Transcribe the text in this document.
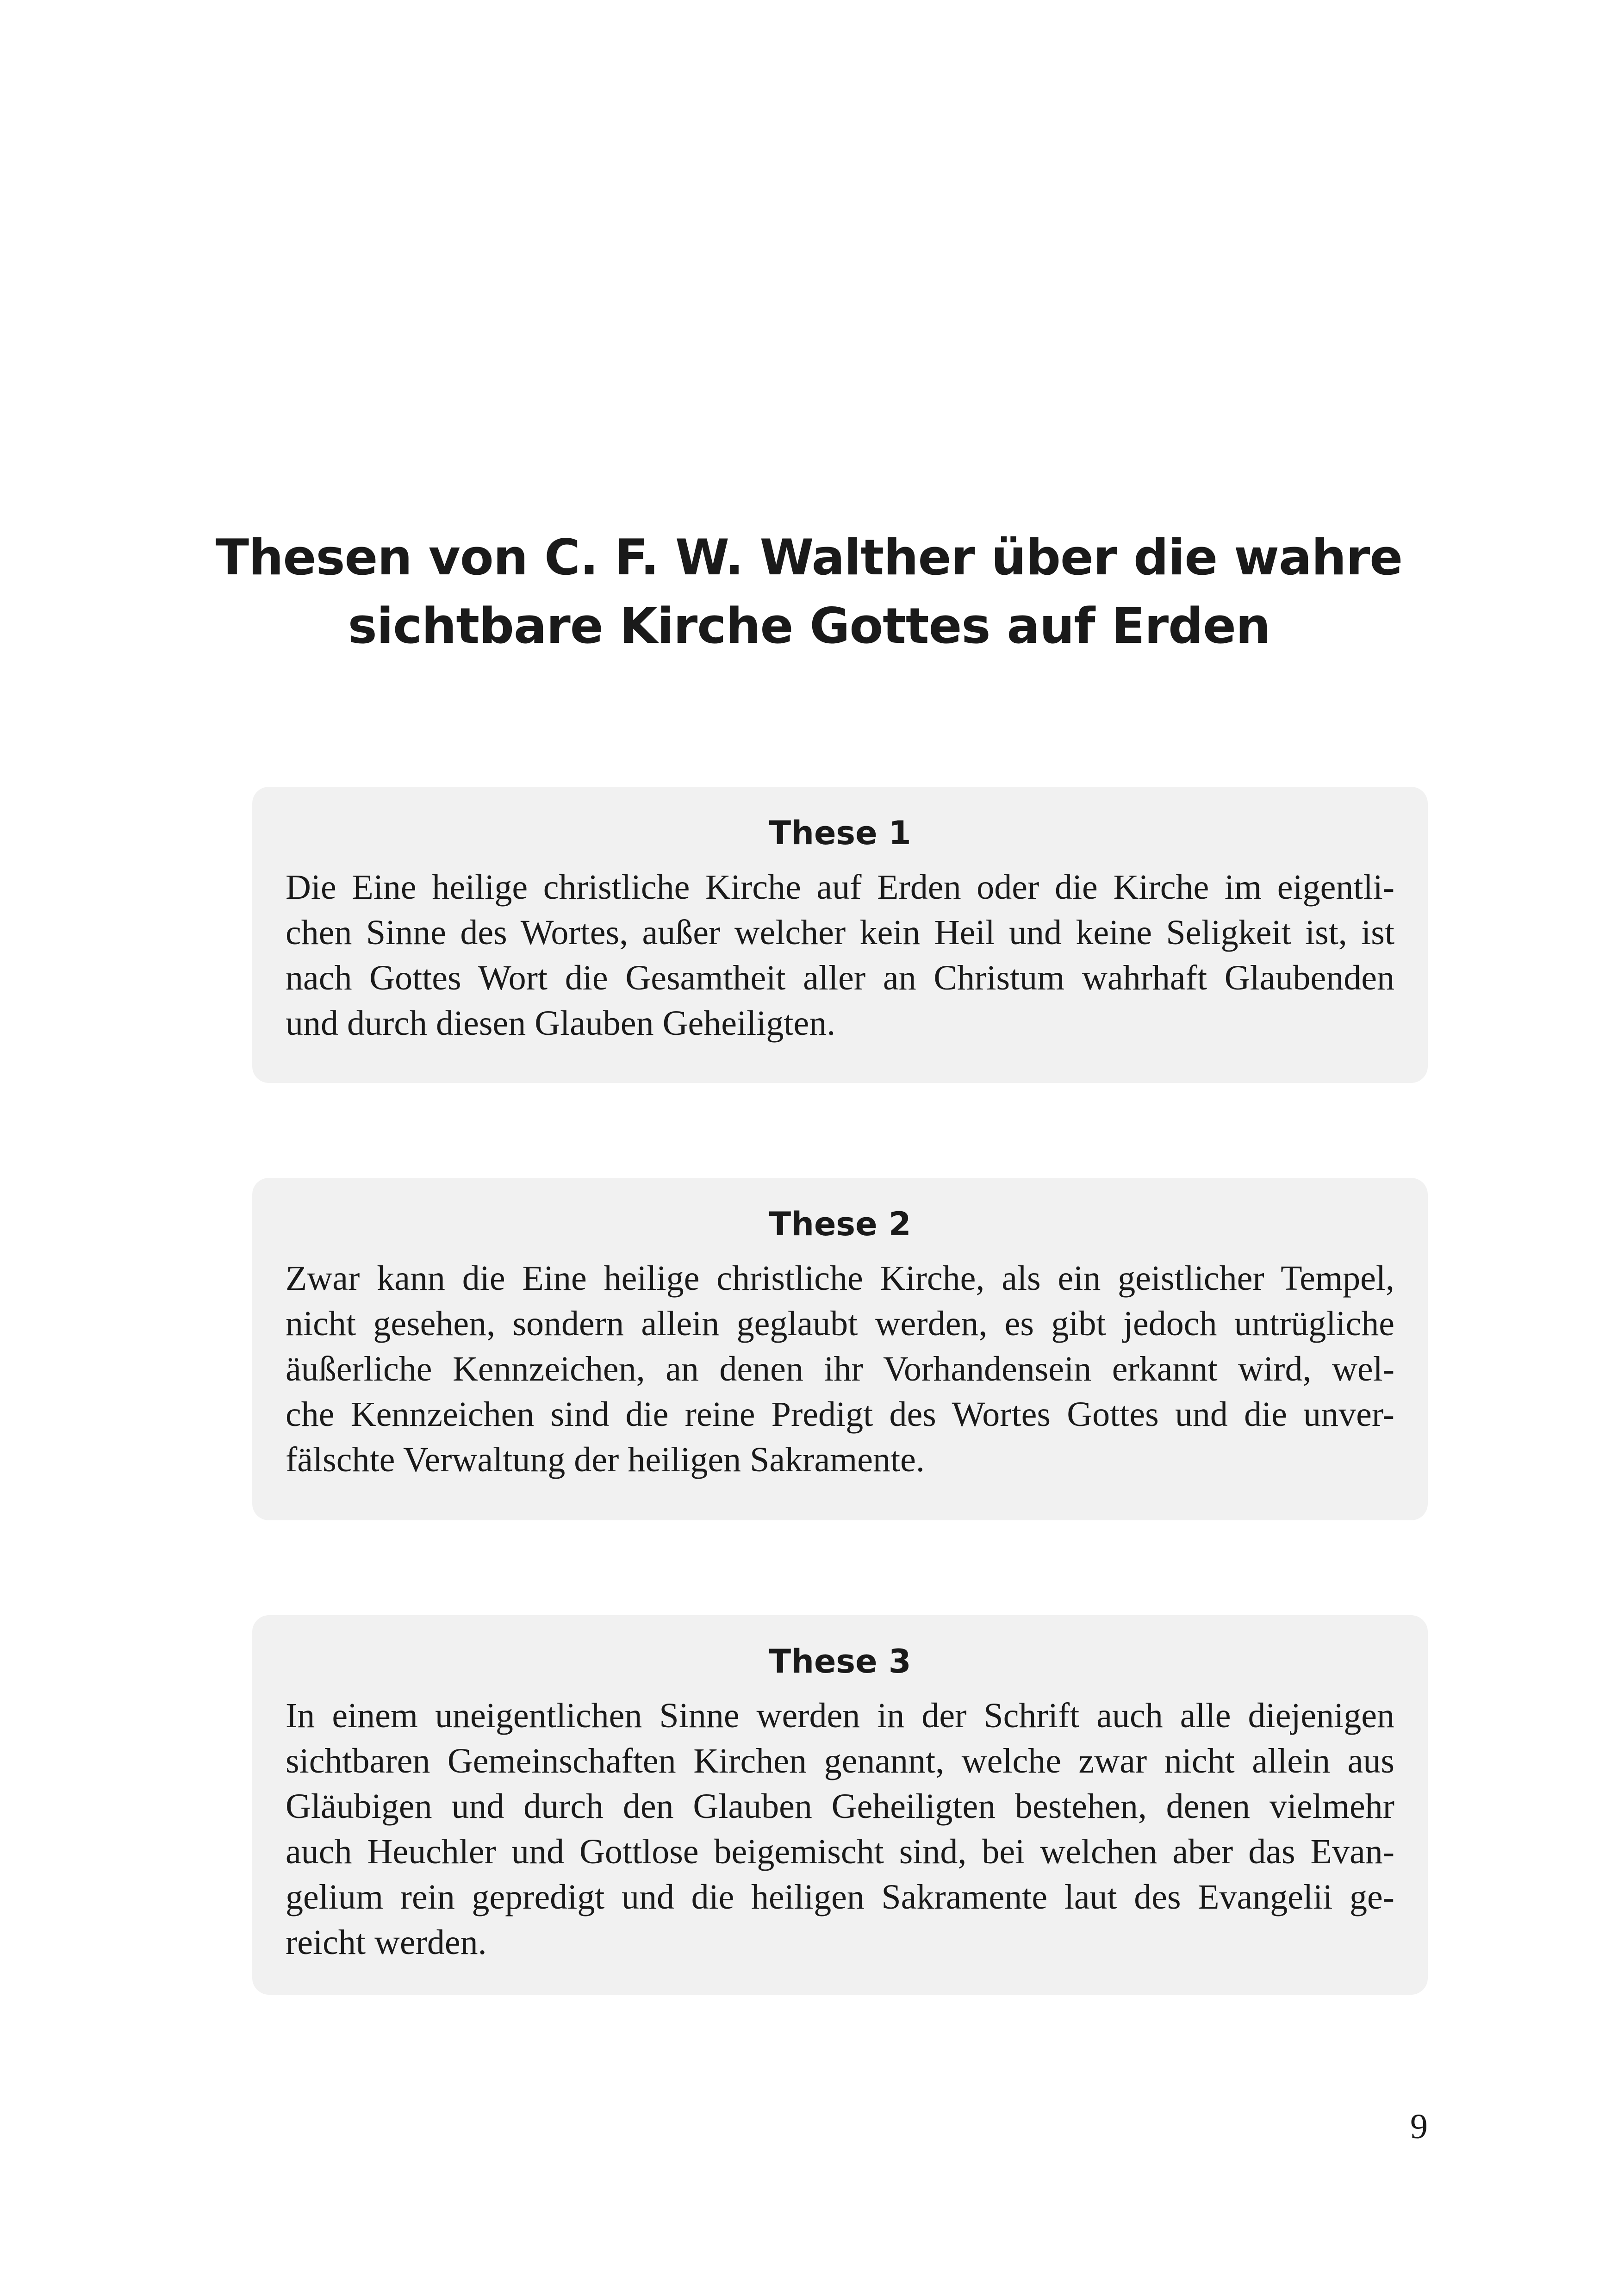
Thesen von C. F. W. Walther über die wahre
sichtbare Kirche Gottes auf Erden
These 1

Die Eine heilige christliche Kirche auf Erden oder die Kirche im eigentli-
chen Sinne des Wortes, außer welcher kein Heil und keine Seligkeit ist, ist
nach Gottes Wort die Gesamtheit aller an Christum wahrhaft Glaubenden
und durch diesen Glauben Geheiligten.

These 2

Zwar kann die Eine heilige christliche Kirche, als ein geistlicher Tempel,
nicht gesehen, sondern allein geglaubt werden, es gibt jedoch untrügliche
äußerliche Kennzeichen, an denen ihr Vorhandensein erkannt wird, wel-
che Kennzeichen sind die reine Predigt des Wortes Gottes und die unver-
fälschte Verwaltung der heiligen Sakramente.

These 3

In einem uneigentlichen Sinne werden in der Schrift auch alle diejenigen
sichtbaren Gemeinschaften Kirchen genannt, welche zwar nicht allein aus
Gläubigen und durch den Glauben Geheiligten bestehen, denen vielmehr
auch Heuchler und Gottlose beigemischt sind, bei welchen aber das Evan-
gelium rein gepredigt und die heiligen Sakramente laut des Evangelii ge-
reicht werden.

9
